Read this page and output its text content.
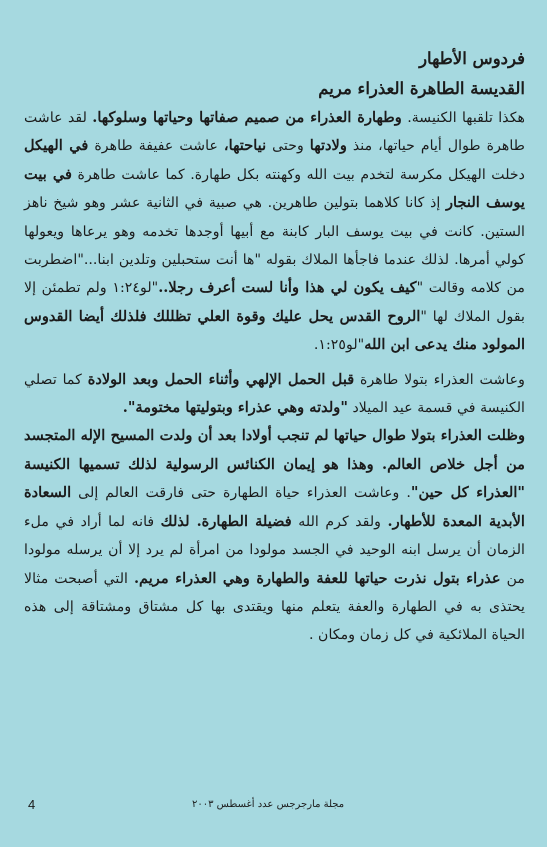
فردوس الأطهار
القديسة الطاهرة العذراء مريم

هكذا تلقبها الكنيسة. وطهارة العذراء من صميم صفاتها وحياتها وسلوكها. لقد عاشت طاهرة طوال أيام حياتها، منذ ولادتها وحتى نياحتها، عاشت عفيفة طاهرة في الهيكل دخلت الهيكل مكرسة لتخدم بيت الله وكهنته بكل طهارة. كما عاشت طاهرة في بيت يوسف النجار إذ كانا كلاهما بتولين طاهرين. هي صبية في الثانية عشر وهو شيخ ناهز الستين. كانت في بيت يوسف البار كابنة مع أبيها أوجدها تخدمه وهو يرعاها ويعولها كولي أمرها. لذلك عندما فاجأها الملاك بقوله "ها أنت ستحبلين وتلدين ابنا..."اضطربت من كلامه وقالت "كيف يكون لي هذا وأنا لست أعرف رجلا.."لو١:٢٤ ولم تطمئن إلا بقول الملاك لها "الروح القدس يحل عليك وقوة العلي تظللك فلذلك أيضا القدوس المولود منك يدعى ابن الله"لو١:٢٥.

وعاشت العذراء بتولا طاهرة قبل الحمل الإلهي وأثناء الحمل وبعد الولادة كما تصلي الكنيسة في قسمة عيد الميلاد "ولدته وهي عذراء وبتوليتها مختومة".

وظلت العذراء بتولا طوال حياتها لم تنجب أولادا بعد أن ولدت المسيح الإله المتجسد من أجل خلاص العالم. وهذا هو إيمان الكنائس الرسولية لذلك تسميها الكنيسة "العذراء كل حين". وعاشت العذراء حياة الطهارة حتى فارقت العالم إلى السعادة الأبدية المعدة للأطهار. ولقد كرم الله فضيلة الطهارة. لذلك فانه لما أراد في ملء الزمان أن يرسل ابنه الوحيد في الجسد مولودا من امرأة لم يرد إلا أن يرسله مولودا من عذراء بتول نذرت حياتها للعفة والطهارة وهي العذراء مريم. التي أصبحت مثالا يحتذى به في الطهارة والعفة يتعلم منها ويقتدى بها كل مشتاق ومشتاقة إلى هذه الحياة الملائكية في كل زمان ومكان .

4	مجلة مارجرجس عدد أغسطس ٢٠٠٣
